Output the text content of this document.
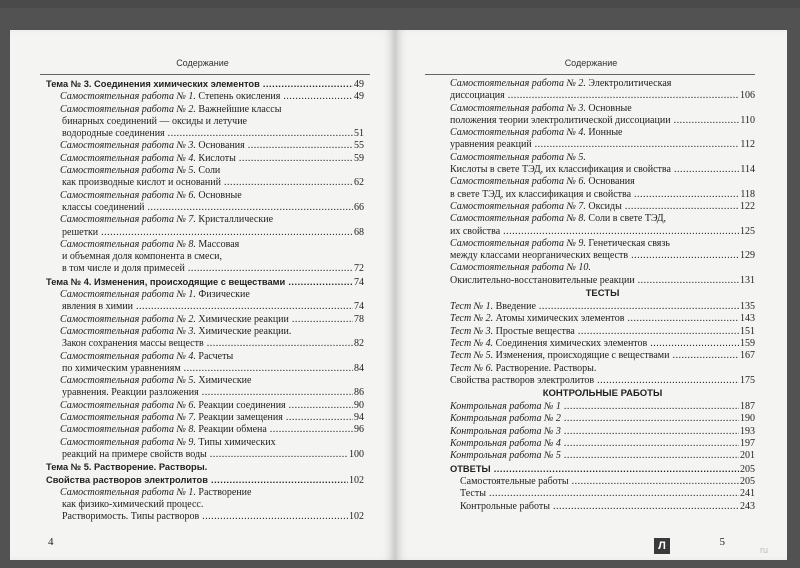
Содержание
Тема № 3. Соединения химических элементов .....	49
Самостоятельная работа № 1. Степень окисления .....	49
Самостоятельная работа № 2. Важнейшие классы
бинарных соединений — оксиды и летучие
водородные соединения .....	51
Самостоятельная работа № 3. Основания .....	55
Самостоятельная работа № 4. Кислоты .....	59
Самостоятельная работа № 5. Соли
как производные кислот и оснований .....	62
Самостоятельная работа № 6. Основные
классы соединений .....	66
Самостоятельная работа № 7. Кристаллические
решетки .....	68
Самостоятельная работа № 8. Массовая
и объемная доля компонента в смеси,
в том числе и доля примесей .....	72
Тема № 4. Изменения, происходящие с веществами .....	74
Самостоятельная работа № 1. Физические
явления в химии .....	74
Самостоятельная работа № 2. Химические реакции .....	78
Самостоятельная работа № 3. Химические реакции.
Закон сохранения массы веществ .....	82
Самостоятельная работа № 4. Расчеты
по химическим уравнениям .....	84
Самостоятельная работа № 5. Химические
уравнения. Реакции разложения .....	86
Самостоятельная работа № 6. Реакции соединения .....	90
Самостоятельная работа № 7. Реакции замещения .....	94
Самостоятельная работа № 8. Реакции обмена .....	96
Самостоятельная работа № 9. Типы химических
реакций на примере свойств воды .....	100
Тема № 5. Растворение. Растворы.
Свойства растворов электролитов .....	102
Самостоятельная работа № 1. Растворение
как физико-химический процесс.
Растворимость. Типы растворов .....	102
4
Содержание
Самостоятельная работа № 2. Электролитическая
диссоциация .....	106
Самостоятельная работа № 3. Основные
положения теории электролитической диссоциации .....	110
Самостоятельная работа № 4. Ионные
уравнения реакций .....	112
Самостоятельная работа № 5.
Кислоты в свете ТЭД, их классификация и свойства .....	114
Самостоятельная работа № 6. Основания
в свете ТЭД, их классификация и свойства .....	118
Самостоятельная работа № 7. Оксиды .....	122
Самостоятельная работа № 8. Соли в свете ТЭД,
их свойства .....	125
Самостоятельная работа № 9. Генетическая связь
между классами неорганических веществ .....	129
Самостоятельная работа № 10.
Окислительно-восстановительные реакции .....	131
ТЕСТЫ
Тест № 1. Введение .....	135
Тест № 2. Атомы химических элементов .....	143
Тест № 3. Простые вещества .....	151
Тест № 4. Соединения химических элементов .....	159
Тест № 5. Изменения, происходящие с веществами .....	167
Тест № 6. Растворение. Растворы.
Свойства растворов электролитов .....	175
КОНТРОЛЬНЫЕ РАБОТЫ
Контрольная работа № 1 .....	187
Контрольная работа № 2 .....	190
Контрольная работа № 3 .....	193
Контрольная работа № 4 .....	197
Контрольная работа № 5 .....	201
ОТВЕТЫ .....	205
Самостоятельные работы .....	205
Тесты .....	241
Контрольные работы .....	243
5
Л	ru
